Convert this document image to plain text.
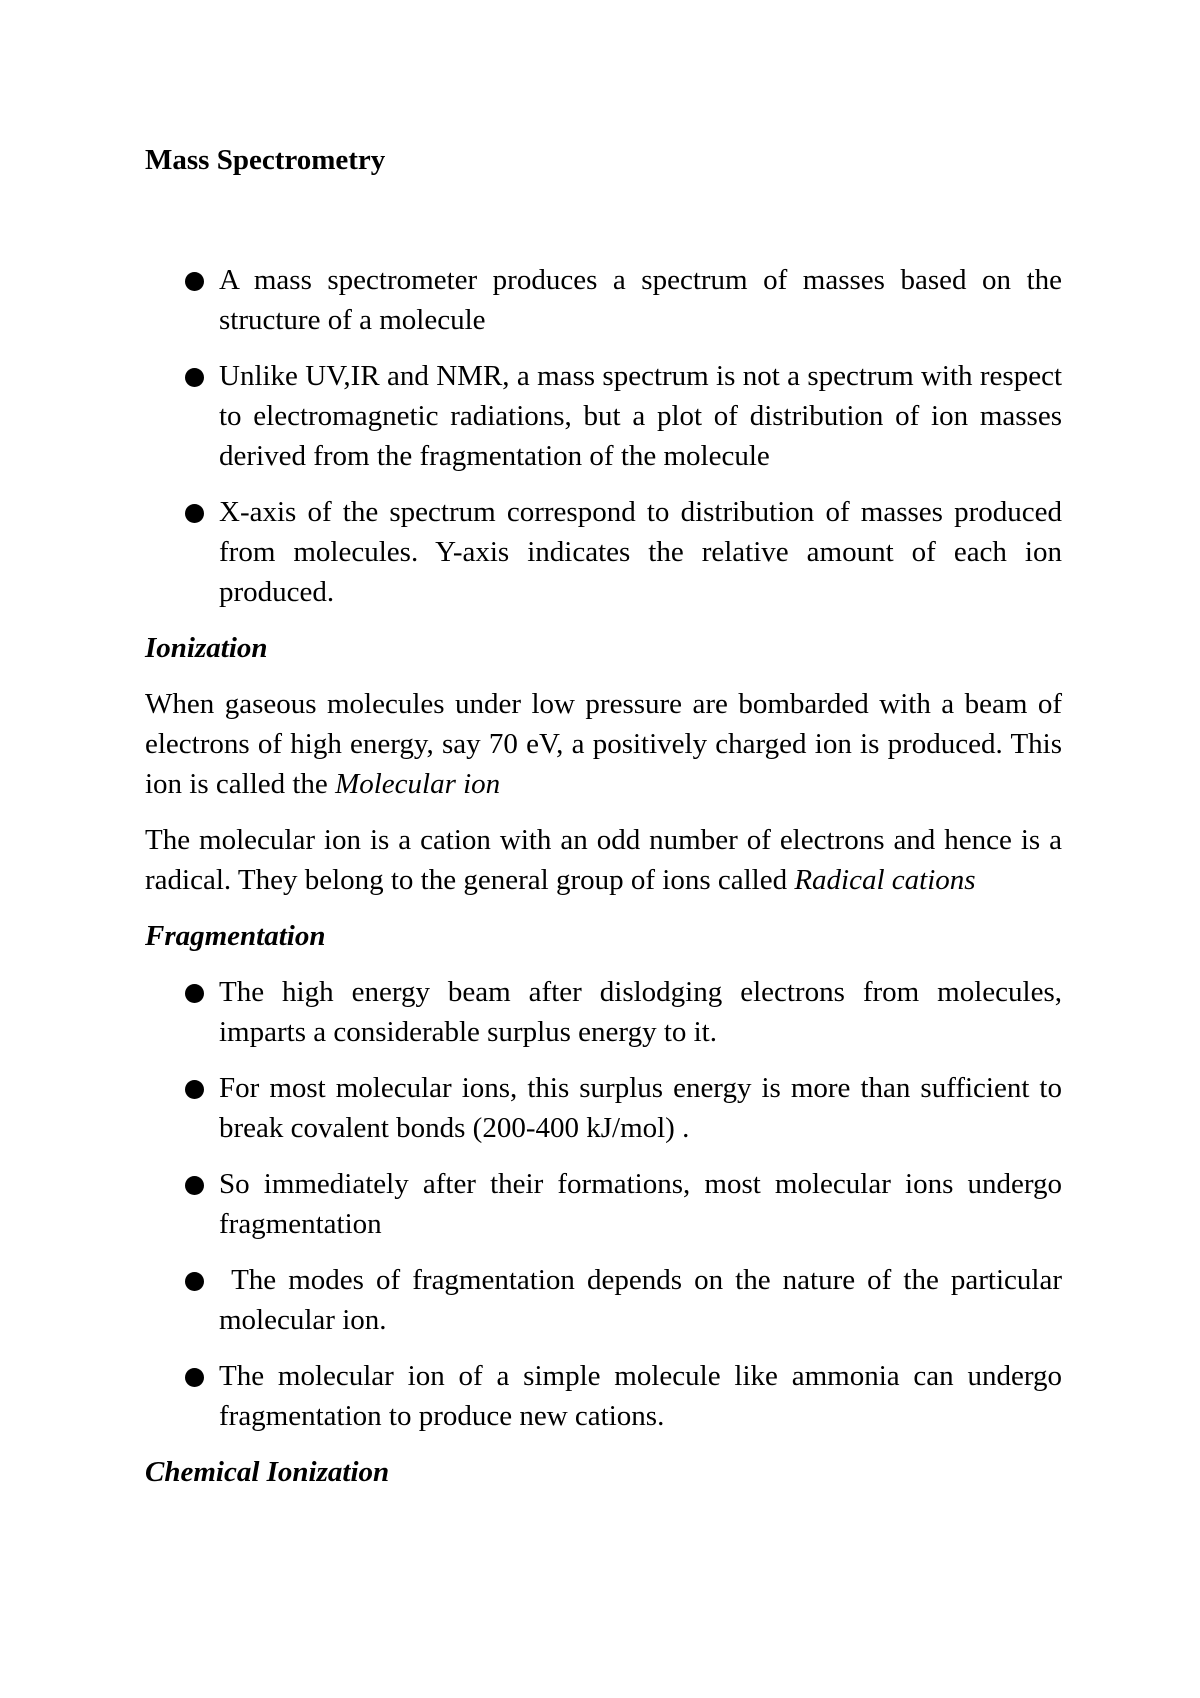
Mass Spectrometry
A mass spectrometer produces a spectrum of masses based on the structure of a molecule
Unlike UV,IR and NMR, a mass spectrum is not a spectrum with respect to electromagnetic radiations, but a plot of distribution of ion masses derived from the fragmentation of the molecule
X-axis of the spectrum correspond to distribution of masses produced from molecules. Y-axis indicates the relative amount of each ion produced.
Ionization

When gaseous molecules under low pressure are bombarded with a beam of electrons of high energy, say 70 eV, a positively charged ion is produced. This ion is called the Molecular ion

The molecular ion is a cation with an odd number of electrons and hence is a radical. They belong to the general group of ions called Radical cations

Fragmentation
The high energy beam after dislodging electrons from molecules, imparts a considerable surplus energy to it.
For most molecular ions, this surplus energy is more than sufficient to break covalent bonds (200-400 kJ/mol) .
So immediately after their formations, most molecular ions undergo fragmentation
The modes of fragmentation depends on the nature of the particular molecular ion.
The molecular ion of a simple molecule like ammonia can undergo fragmentation to produce new cations.
Chemical Ionization
